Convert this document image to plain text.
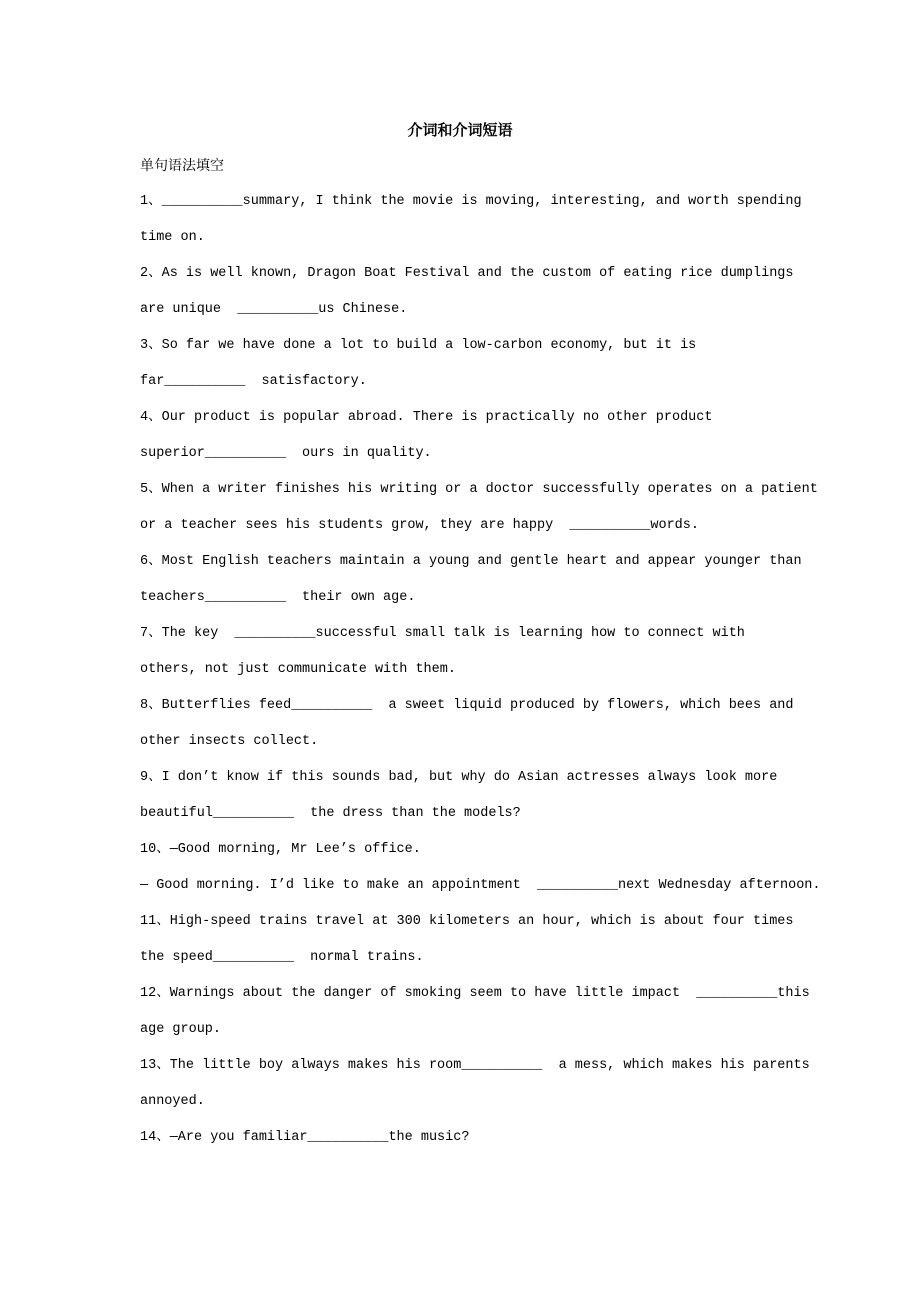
介词和介词短语
单句语法填空
1、__________summary, I think the movie is moving, interesting, and worth spending
time on.
2、As is well known, Dragon Boat Festival and the custom of eating rice dumplings
are unique  __________us Chinese.
3、So far we have done a lot to build a low-carbon economy, but it is
far__________  satisfactory.
4、Our product is popular abroad. There is practically no other product
superior__________  ours in quality.
5、When a writer finishes his writing or a doctor successfully operates on a patient
or a teacher sees his students grow, they are happy  __________words.
6、Most English teachers maintain a young and gentle heart and appear younger than
teachers__________  their own age.
7、The key  __________successful small talk is learning how to connect with
others, not just communicate with them.
8、Butterflies feed__________  a sweet liquid produced by flowers, which bees and
other insects collect.
9、I don’t know if this sounds bad, but why do Asian actresses always look more
beautiful__________  the dress than the models?
10、—Good morning, Mr Lee’s office.
— Good morning. I’d like to make an appointment  __________next Wednesday afternoon.
11、High-speed trains travel at 300 kilometers an hour, which is about four times
the speed__________  normal trains.
12、Warnings about the danger of smoking seem to have little impact  __________this
age group.
13、The little boy always makes his room__________  a mess, which makes his parents
annoyed.
14、—Are you familiar__________the music?
